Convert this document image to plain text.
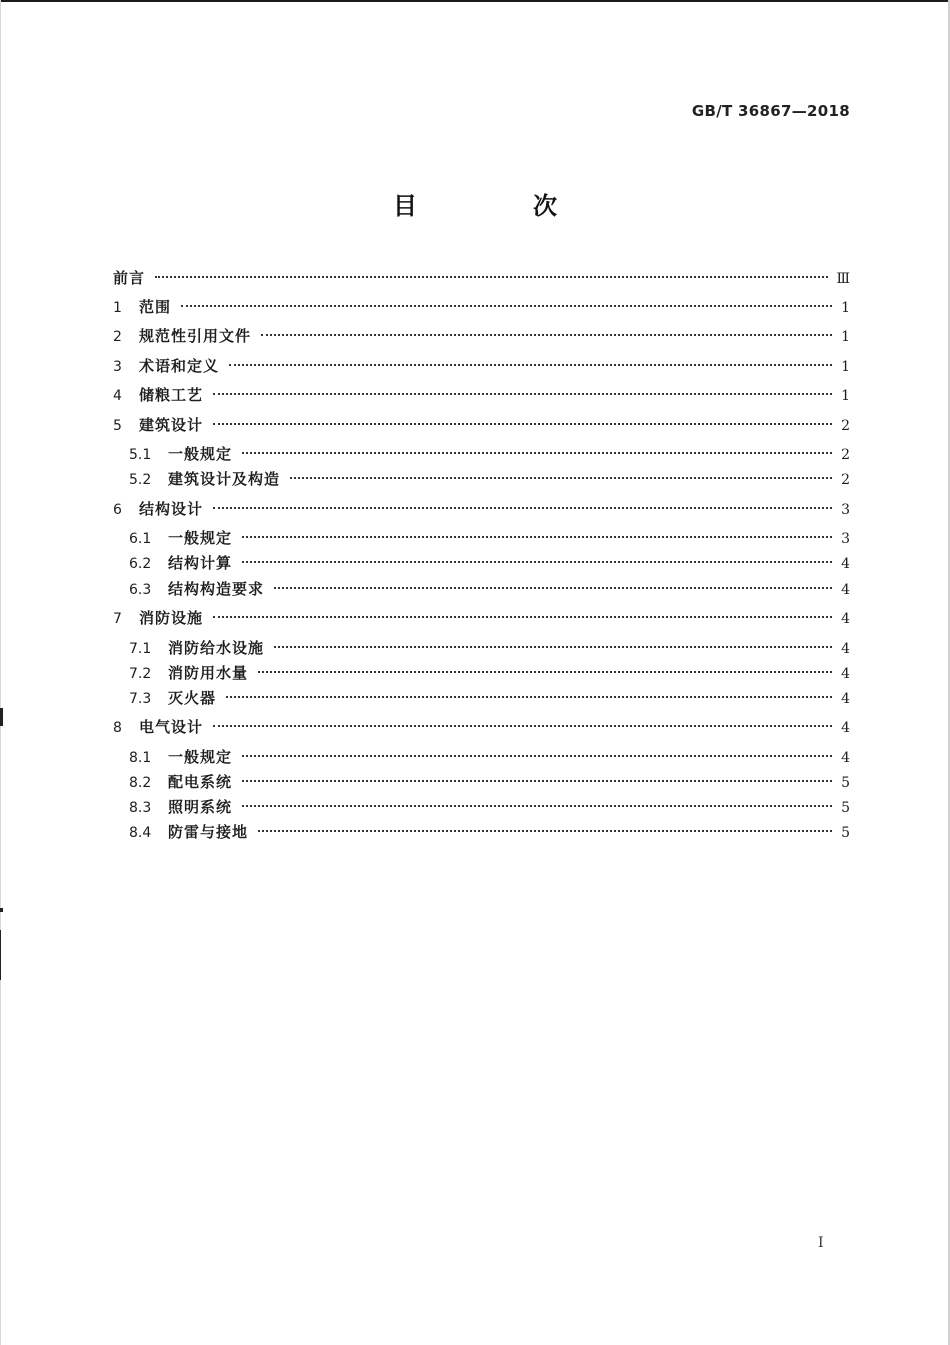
GB/T 36867—2018
目　次
前言	Ⅲ
1	范围	1
2	规范性引用文件	1
3	术语和定义	1
4	储粮工艺	1
5	建筑设计	2
5.1	一般规定	2
5.2	建筑设计及构造	2
6	结构设计	3
6.1	一般规定	3
6.2	结构计算	4
6.3	结构构造要求	4
7	消防设施	4
7.1	消防给水设施	4
7.2	消防用水量	4
7.3	灭火器	4
8	电气设计	4
8.1	一般规定	4
8.2	配电系统	5
8.3	照明系统	5
8.4	防雷与接地	5
I
